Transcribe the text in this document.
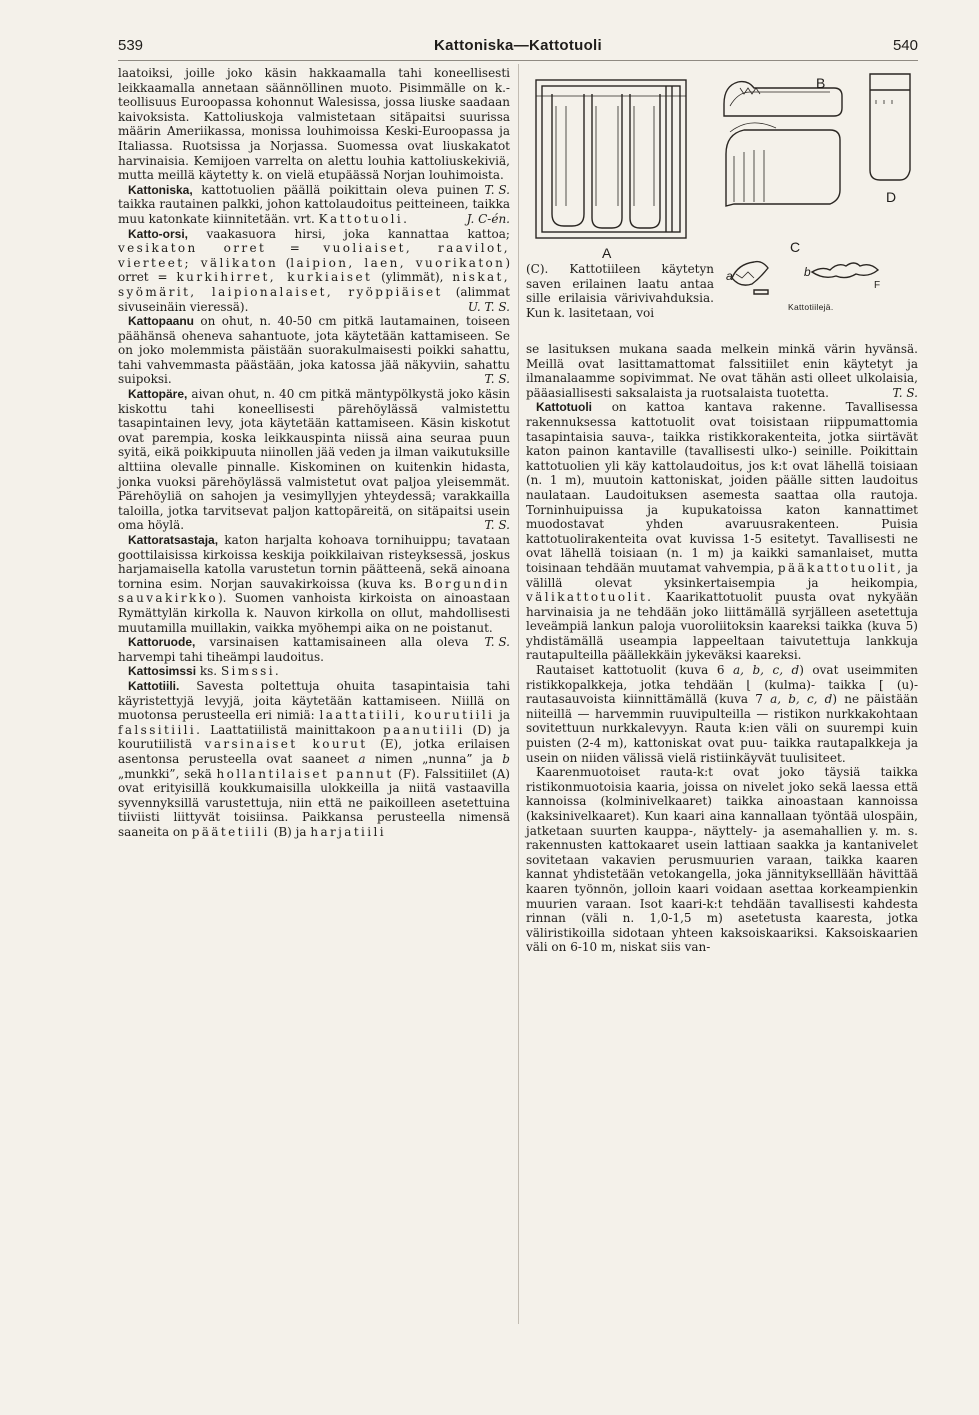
539	Kattoniska—Kattotuoli	540

laatoiksi, joille joko käsin hakkaamalla tahi koneellisesti leikkaamalla annetaan säännöllinen muoto. Pisimmälle on k.-teollisuus Euroopassa kohonnut Walesissa, jossa liuske saadaan kaivoksista. Kattoliuskoja valmistetaan sitäpaitsi suurissa määrin Ameriikassa, monissa louhimoissa Keski-Euroopassa ja Italiassa. Ruotsissa ja Norjassa. Suomessa ovat liuskakatot harvinaisia. Kemijoen varrelta on alettu louhia kattoliuskekiviä, mutta meillä käytetty k. on vielä etupäässä Norjan louhimoista.
T. S.

Kattoniska, kattotuolien päällä poikittain oleva puinen taikka rautainen palkki, johon kattolaudoitus peitteineen, taikka muu katonkate kiinnitetään. vrt. Kattotuoli.	J. C-én.

Katto-orsi, vaakasuora hirsi, joka kannattaa kattoa; vesikaton orret = vuoliaiset, raavilot, vierteet; välikaton (laipion, laen, vuorikaton) orret = kurkihirret, kurkiaiset (ylimmät), niskat, syömärit, laipionalaiset, ryöppiäiset (alimmat sivuseinäin vieressä).	U. T. S.

Kattopaanu on ohut, n. 40-50 cm pitkä lautamainen, toiseen päähänsä oheneva sahantuote, jota käytetään kattamiseen. Se on joko molemmista päistään suorakulmaisesti poikki sahattu, tahi vahvemmasta päästään, joka katossa jää näkyviin, sahattu suipoksi.	T. S.

Kattopäre, aivan ohut, n. 40 cm pitkä mäntypölkystä joko käsin kiskottu tahi koneellisesti pärehöylässä valmistettu tasapintainen levy, jota käytetään kattamiseen. Käsin kiskotut ovat parempia, koska leikkauspinta niissä aina seuraa puun syitä, eikä poikkipuuta niinollen jää veden ja ilman vaikutuksille alttiina olevalle pinnalle. Kiskominen on kuitenkin hidasta, jonka vuoksi pärehöylässä valmistetut ovat paljoa yleisemmät. Pärehöyliä on sahojen ja vesimyllyjen yhteydessä; varakkailla taloilla, jotka tarvitsevat paljon kattopäreitä, on sitäpaitsi usein oma höylä.	T. S.

Kattoratsastaja, katon harjalta kohoava tornihuippu; tavataan goottilaisissa kirkoissa keskija poikkilaivan risteyksessä, joskus harjamaisella katolla varustetun tornin päätteenä, sekä ainoana tornina esim. Norjan sauvakirkoissa (kuva ks. Borgundin sauvakirkko). Suomen vanhoista kirkoista on ainoastaan Rymättylän kirkolla k. Nauvon kirkolla on ollut, mahdollisesti muutamilla muillakin, vaikka myöhempi aika on ne poistanut.
T. S.

Kattoruode, varsinaisen kattamisaineen alla oleva harvempi tahi tiheämpi laudoitus.

Kattosimssi ks. Simssi.

Kattotiili. Savesta poltettuja ohuita tasapintaisia tahi käyristettyjä levyjä, joita käytetään kattamiseen. Niillä on muotonsa perusteella eri nimiä: laattatiili, kourutiili ja falssitiili. Laattatiilistä mainittakoon paanutiili (D) ja kourutiilistä varsinaiset kourut (E), jotka erilaisen asentonsa perusteella ovat saaneet a nimen „nunna” ja b „munkki”, sekä hollantilaiset pannut (F). Falssitiilet (A) ovat erityisillä koukkumaisilla ulokkeilla ja niitä vastaavilla syvennyksillä varustettuja, niin että ne paikoilleen asetettuina tiiviisti liittyvät toisiinsa. Paikkansa perusteella nimensä saaneita on päätetiili (B) ja harjatiili

A
B
C
D
a	b
F
Kattotiilejä.
(C). Kattotiileen käytetyn saven erilainen laatu antaa sille erilaisia värivivahduksia. Kun k. lasitetaan, voi

se lasituksen mukana saada melkein minkä värin hyvänsä. Meillä ovat lasittamattomat falssitiilet enin käytetyt ja ilmanalaamme sopivimmat. Ne ovat tähän asti olleet ulkolaisia, pääasiallisesti saksalaista ja ruotsalaista tuotetta.	T. S.

Kattotuoli on kattoa kantava rakenne. Tavallisessa rakennuksessa kattotuolit ovat toisistaan riippumattomia tasapintaisia sauva-, taikka ristikkorakenteita, jotka siirtävät katon painon kantaville (tavallisesti ulko-) seinille. Poikittain kattotuolien yli käy kattolaudoitus, jos k:t ovat lähellä toisiaan (n. 1 m), muutoin kattoniskat, joiden päälle sitten laudoitus naulataan. Laudoituksen asemesta saattaa olla rautoja. Torninhuipuissa ja kupukatoissa katon kannattimet muodostavat yhden avaruusrakenteen. Puisia kattotuolirakenteita ovat kuvissa 1-5 esitetyt. Tavallisesti ne ovat lähellä toisiaan (n. 1 m) ja kaikki samanlaiset, mutta toisinaan tehdään muutamat vahvempia, pääkattotuolit, ja välillä olevat yksinkertaisempia ja heikompia, välikattotuolit. Kaarikattotuolit puusta ovat nykyään harvinaisia ja ne tehdään joko liittämällä syrjälleen asetettuja leveämpiä lankun paloja vuoroliitoksin kaareksi taikka (kuva 5) yhdistämällä useampia lappeeltaan taivutettuja lankkuja rautapulteilla päällekkäin jykeväksi kaareksi.

Rautaiset kattotuolit (kuva 6 a, b, c, d) ovat useimmiten ristikkopalkkeja, jotka tehdään ⌊ (kulma)- taikka [ (u)-rautasauvoista kiinnittämällä (kuva 7 a, b, c, d) ne päistään niiteillä — harvemmin ruuvipulteilla — ristikon nurkkakohtaan sovitettuun nurkkalevyyn. Rauta k:ien väli on suurempi kuin puisten (2-4 m), kattoniskat ovat puu- taikka rautapalkkeja ja usein on niiden välissä vielä ristiinkäyvät tuulisiteet.

Kaarenmuotoiset rauta-k:t ovat joko täysiä taikka ristikonmuotoisia kaaria, joissa on nivelet joko sekä laessa että kannoissa (kolminivelkaaret) taikka ainoastaan kannoissa (kaksinivelkaaret). Kun kaari aina kannallaan työntää ulospäin, jatketaan suurten kauppa-, näyttely- ja asemahallien y. m. s. rakennusten kattokaaret usein lattiaan saakka ja kantanivelet sovitetaan vakavien perusmuurien varaan, taikka kaaren kannat yhdistetään vetokangella, joka jännitykselllään hävittää kaaren työnnön, jolloin kaari voidaan asettaa korkeampienkin muurien varaan. Isot kaari-k:t tehdään tavallisesti kahdesta rinnan (väli n. 1,0-1,5 m) asetetusta kaaresta, jotka väliristikoilla sidotaan yhteen kaksoiskaariksi. Kaksoiskaarien väli on 6-10 m, niskat siis van-
